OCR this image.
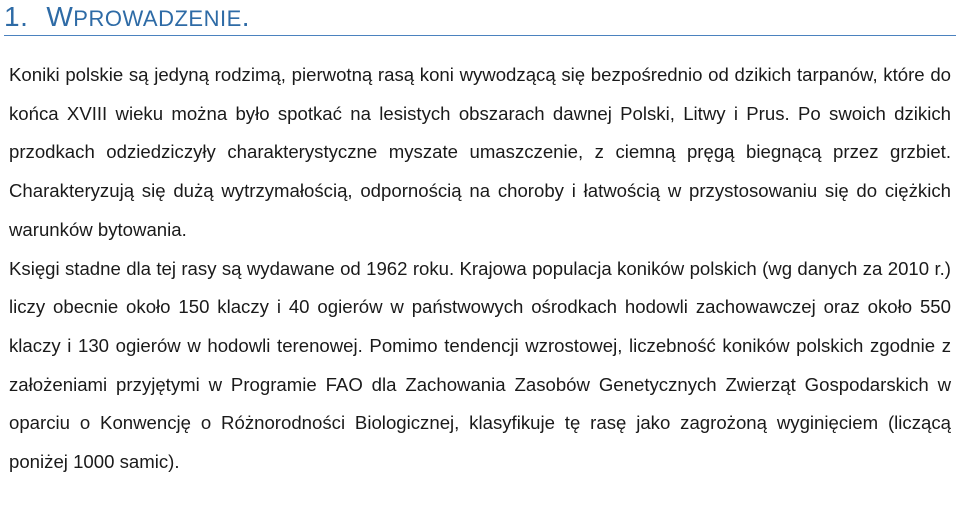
1. WPROWADZENIE.

Koniki polskie są jedyną rodzimą, pierwotną rasą koni wywodzącą się bezpośrednio od dzikich tarpanów, które do końca XVIII wieku można było spotkać na lesistych obszarach dawnej Polski, Litwy i Prus. Po swoich dzikich przodkach odziedziczyły charakterystyczne myszate umaszczenie, z ciemną pręgą biegnącą przez grzbiet. Charakteryzują się dużą wytrzymałością, odpornością na choroby i łatwością w przystosowaniu się do ciężkich warunków bytowania.

Księgi stadne dla tej rasy są wydawane od 1962 roku. Krajowa populacja koników polskich (wg danych za 2010 r.) liczy obecnie około 150 klaczy i 40 ogierów w państwowych ośrodkach hodowli zachowawczej oraz około 550 klaczy i 130 ogierów w hodowli terenowej. Pomimo tendencji wzrostowej, liczebność koników polskich zgodnie z założeniami przyjętymi w Programie FAO dla Zachowania Zasobów Genetycznych Zwierząt Gospodarskich w oparciu o Konwencję o Różnorodności Biologicznej, klasyfikuje tę rasę jako zagrożoną wyginięciem (liczącą poniżej 1000 samic).
